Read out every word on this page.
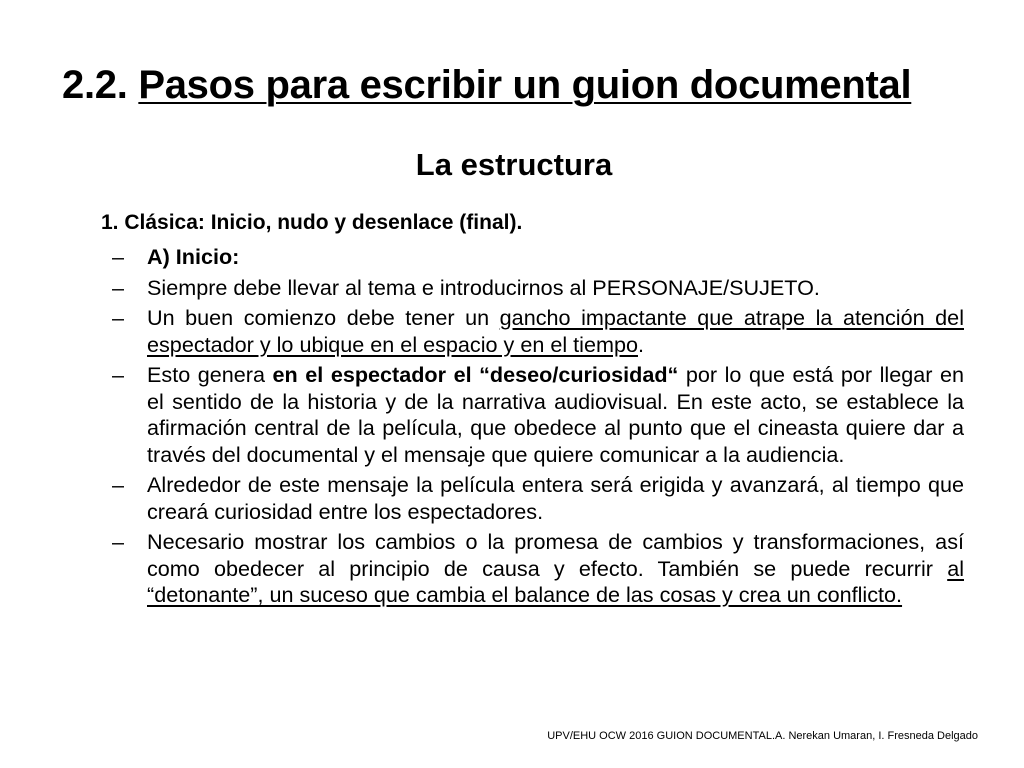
2.2. Pasos para escribir un guion documental
La estructura

1. Clásica: Inicio, nudo y desenlace (final).

– A) Inicio:
– Siempre debe llevar al tema e introducirnos al PERSONAJE/SUJETO.
– Un buen comienzo debe tener un gancho impactante que atrape la atención del espectador y lo ubique en el espacio y en el tiempo.
– Esto genera en el espectador el “deseo/curiosidad“ por lo que está por llegar en el sentido de la historia y de la narrativa audiovisual. En este acto, se establece la afirmación central de la película, que obedece al punto que el cineasta quiere dar a través del documental y el mensaje que quiere comunicar a la audiencia.
– Alrededor de este mensaje la película entera será erigida y avanzará, al tiempo que creará curiosidad entre los espectadores.
– Necesario mostrar los cambios o la promesa de cambios y transformaciones, así como obedecer al principio de causa y efecto. También se puede recurrir al “detonante”, un suceso que cambia el balance de las cosas y crea un conflicto.

UPV/EHU OCW 2016 GUION DOCUMENTAL.A. Nerekan Umaran, I. Fresneda Delgado
